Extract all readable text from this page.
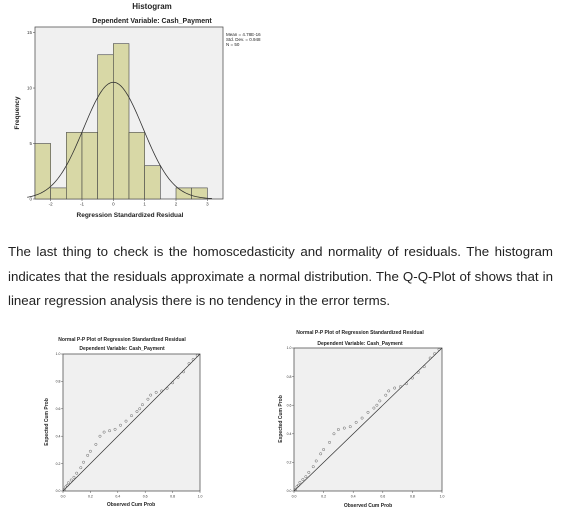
Histogram
Dependent Variable: Cash_Payment
0
5
10
15
-2	-1	0	1	2	3
Mean = 4.78E-16
Std. Dev. = 0.948
N = 50
Frequency
Regression Standardized Residual
The last thing to check is the homoscedasticity and normality of residuals. The histogram indicates that the residuals approximate a normal distribution. The Q-Q-Plot of shows that in linear regression analysis there is no tendency in the error terms.
Normal P-P Plot of Regression Standardized Residual
Dependent Variable: Cash_Payment
0.0	0.2	0.4	0.6	0.8	1.0
0.0
0.2
0.4
0.6
0.8
1.0
Observed Cum Prob
Expected Cum Prob
Normal P-P Plot of Regression Standardized Residual
Dependent Variable: Cash_Payment
0.0	0.2	0.4	0.6	0.8	1.0
0.0
0.2
0.4
0.6
0.8
1.0
Observed Cum Prob
Expected Cum Prob
